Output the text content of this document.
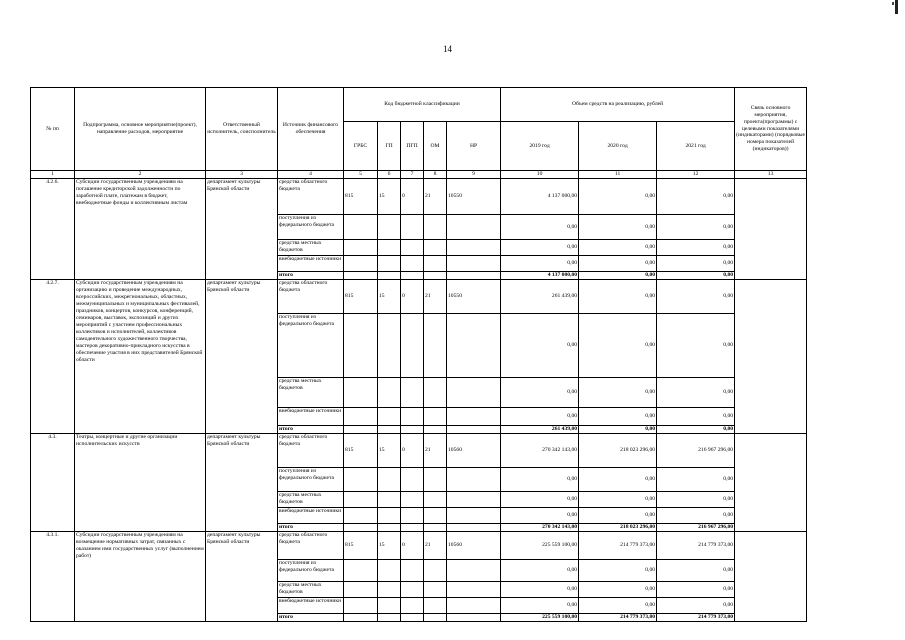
14
№ пп	Подпрограмма, основное мероприятие(проект), направление расходов, мероприятие	Ответственный исполнитель, соисполнитель	Источник финансового обеспечения	Код бюджетной классификации					Объем средств на реализацию, рублей			Связь основного мероприятия, проекта(программы) с целевыми показателями (индикаторами) (порядковые номера показателей (индикаторов))
				ГРБС	ГП	ПГП	ОМ	НР	2019 год	2020 год	2021 год	
1	2	3	4	5	6	7	8	9	10	11	12	13
4.2.6.	Субсидии государственным учреждениям на погашение кредиторской задолженности по заработной плате, платежам в бюджет, внебюджетные фонды и коллективным листам	департамент культуры Брянской области	средства областного бюджета	815	15	0	21	10550	4 137 000,00	0,00	0,00	
			поступления из федерального бюджета						0,00	0,00	0,00	
			средства местных бюджетов						0,00	0,00	0,00	
			внебюджетные источники						0,00	0,00	0,00	
			итого						4 137 000,00	0,00	0,00	
4.2.7.	Субсидии государственным учреждениям на организацию и проведение международных, всероссийских, межрегиональных, областных, межмуниципальных и муниципальных фестивалей, праздников, концертов, конкурсов, конференций, семинаров, выставок, экспозиций и других мероприятий с участием профессиональных коллективов и исполнителей, коллективов самодеятельного художественного творчества, мастеров декоративно-прикладного искусства в обеспечение участия в них представителей Брянской области	департамент культуры Брянской области	средства областного бюджета	815	15	0	21	10550	261 439,00	0,00	0,00	
			поступления из федерального бюджета						0,00	0,00	0,00	
			средства местных бюджетов						0,00	0,00	0,00	
			внебюджетные источники						0,00	0,00	0,00	
			итого						261 439,00	0,00	0,00	
4.3.	Театры, концертные и другие организации исполнительских искусств	департамент культуры Брянской области	средства областного бюджета	815	15	0	21	10560	270 342 143,00	218 023 296,00	216 967 296,00	
			поступления из федерального бюджета						0,00	0,00	0,00	
			средства местных бюджетов						0,00	0,00	0,00	
			внебюджетные источники						0,00	0,00	0,00	
			итого						270 342 143,00	218 023 296,00	216 967 296,00	
4.3.1.	Субсидии государственным учреждениям на возмещение нормативных затрат, связанных с оказанием ими государственных услуг (выполнением работ)	департамент культуры Брянской области	средства областного бюджета	815	15	0	21	10560	225 559 100,00	214 779 373,00	214 779 373,00	
			поступления из федерального бюджета						0,00	0,00	0,00	
			средства местных бюджетов						0,00	0,00	0,00	
			внебюджетные источники						0,00	0,00	0,00	
			итого						225 559 100,00	214 779 373,00	214 779 373,00	
